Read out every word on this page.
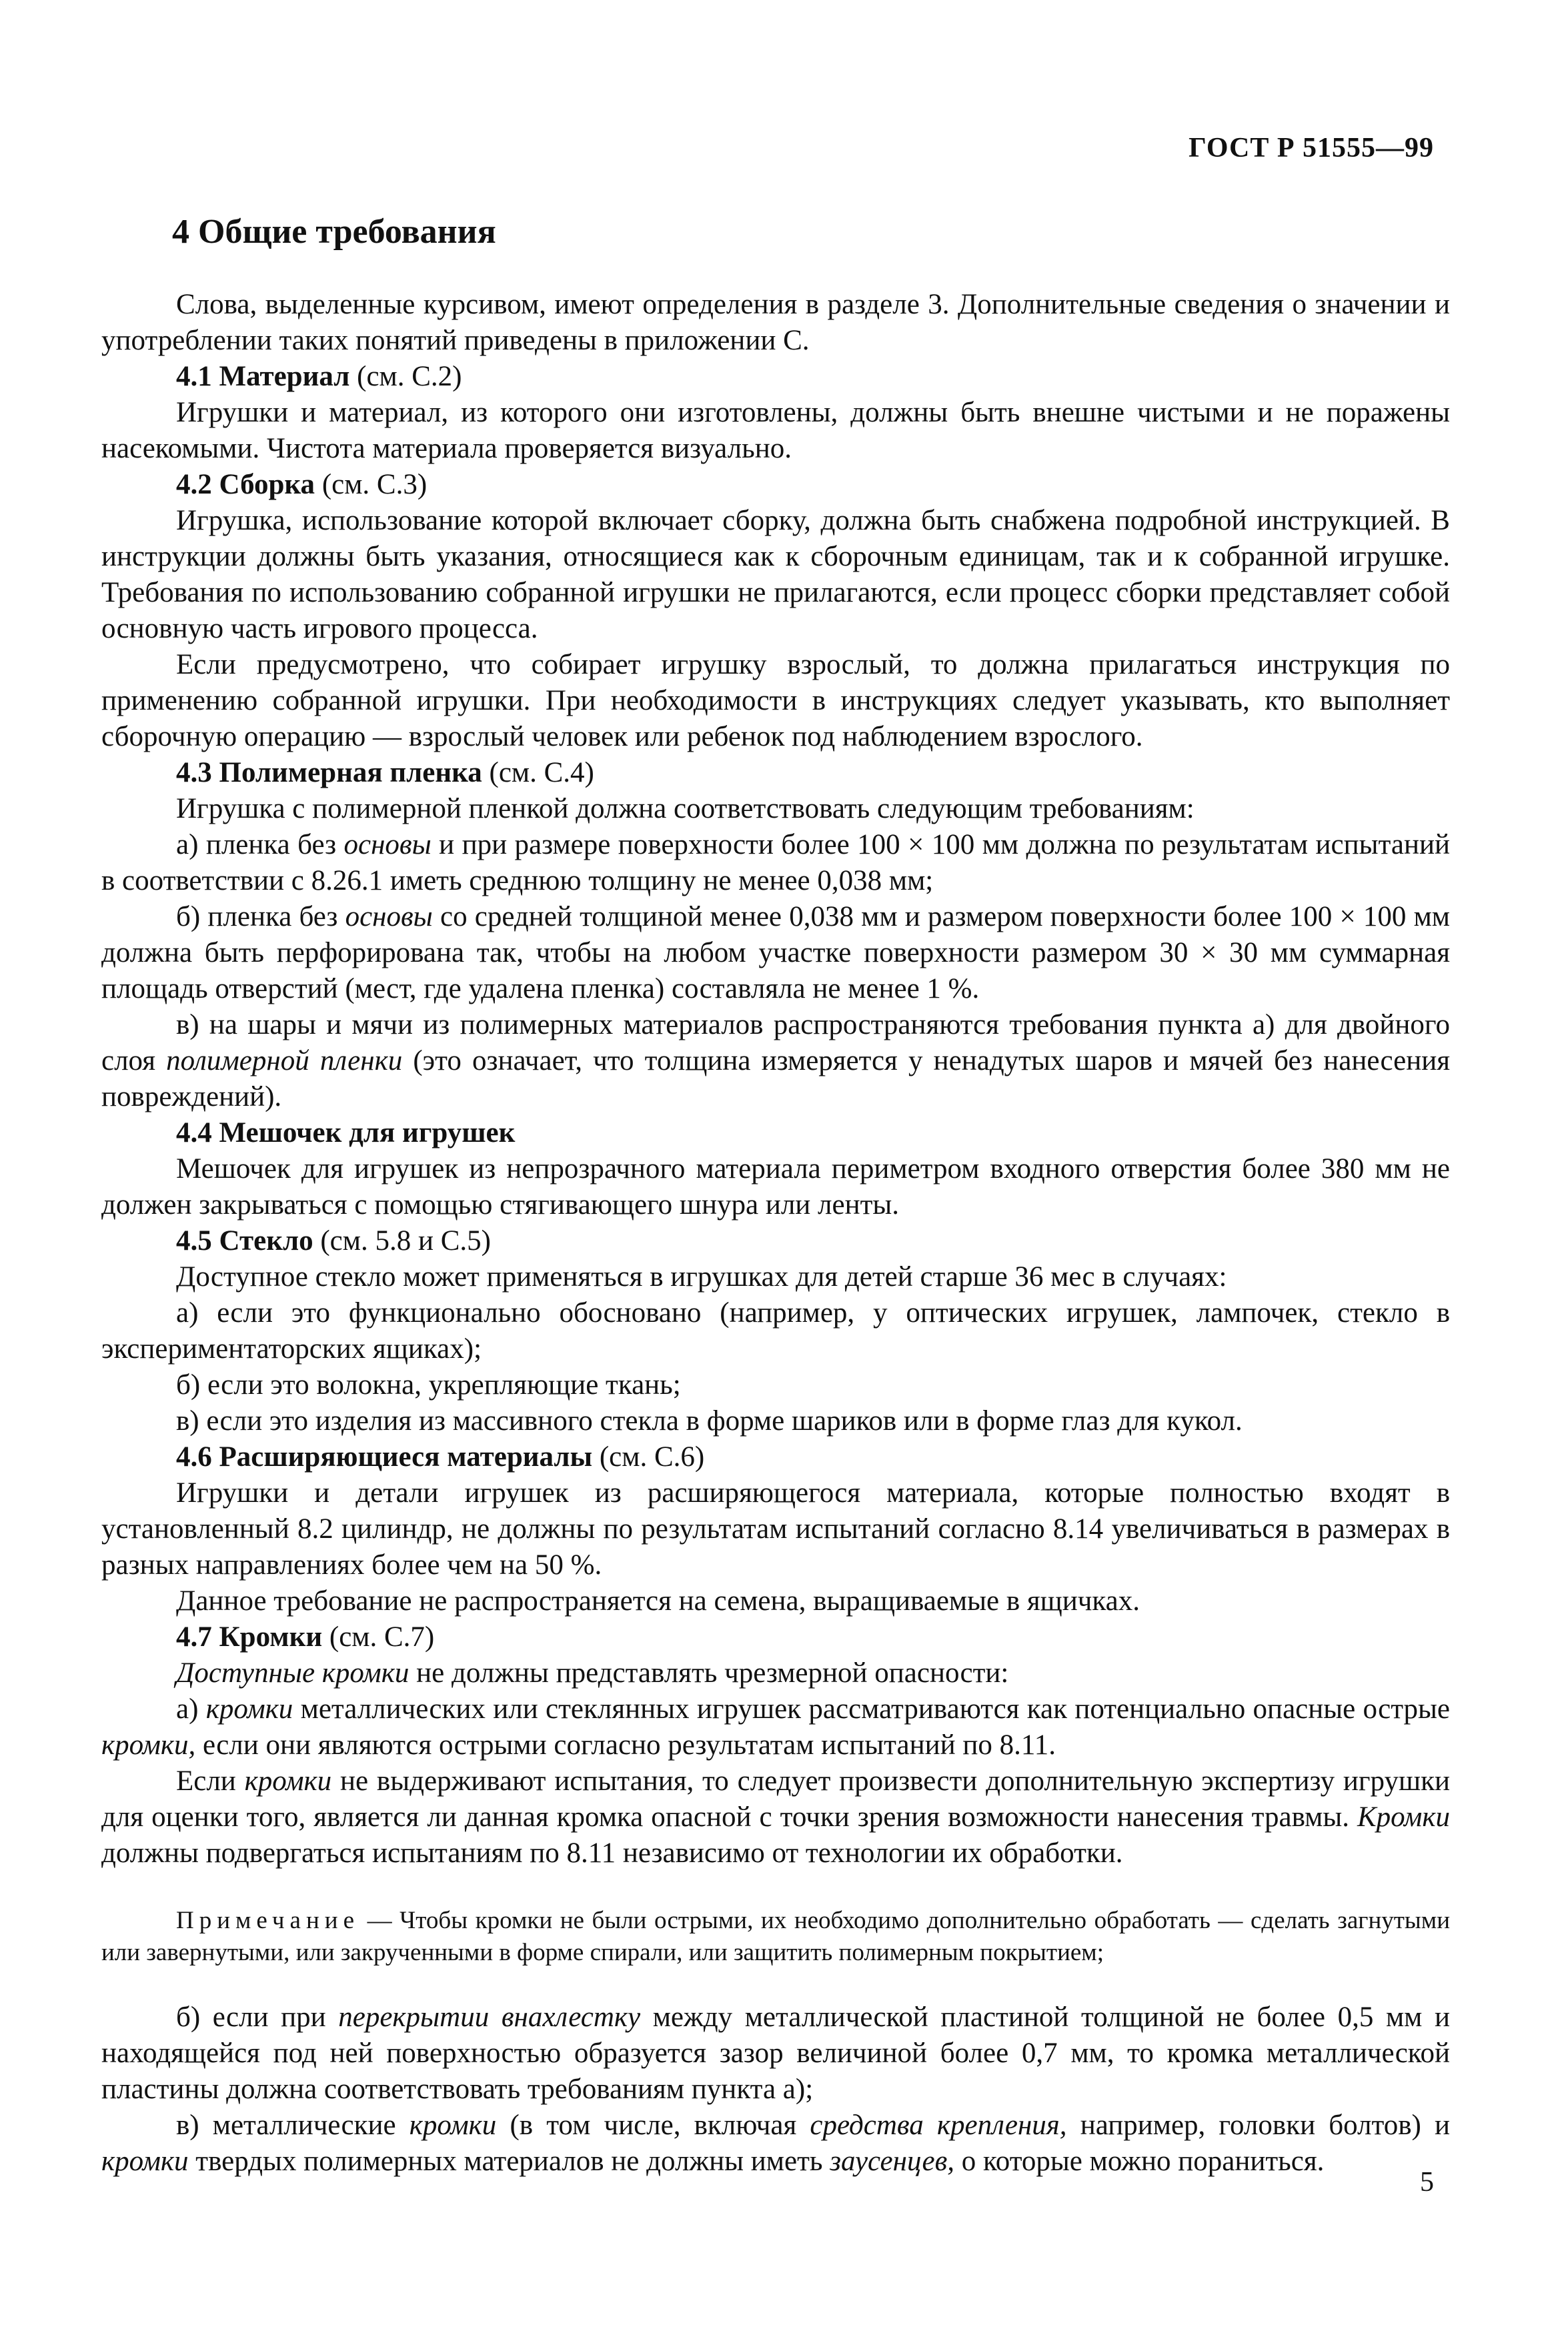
ГОСТ Р 51555—99
4 Общие требования

Слова, выделенные курсивом, имеют определения в разделе 3. Дополнительные сведения о значении и употреблении таких понятий приведены в приложении С.

4.1 Материал (см. С.2)

Игрушки и материал, из которого они изготовлены, должны быть внешне чистыми и не поражены насекомыми. Чистота материала проверяется визуально.

4.2 Сборка (см. С.3)

Игрушка, использование которой включает сборку, должна быть снабжена подробной инструкцией. В инструкции должны быть указания, относящиеся как к сборочным единицам, так и к собранной игрушке. Требования по использованию собранной игрушки не прилагаются, если процесс сборки представляет собой основную часть игрового процесса.

Если предусмотрено, что собирает игрушку взрослый, то должна прилагаться инструкция по применению собранной игрушки. При необходимости в инструкциях следует указывать, кто выполняет сборочную операцию — взрослый человек или ребенок под наблюдением взрослого.

4.3 Полимерная пленка (см. С.4)

Игрушка с полимерной пленкой должна соответствовать следующим требованиям:

а) пленка без основы и при размере поверхности более 100 × 100 мм должна по результатам испытаний в соответствии с 8.26.1 иметь среднюю толщину не менее 0,038 мм;

б) пленка без основы со средней толщиной менее 0,038 мм и размером поверхности более 100 × 100 мм должна быть перфорирована так, чтобы на любом участке поверхности размером 30 × 30 мм суммарная площадь отверстий (мест, где удалена пленка) составляла не менее 1 %.

в) на шары и мячи из полимерных материалов распространяются требования пункта а) для двойного слоя полимерной пленки (это означает, что толщина измеряется у ненадутых шаров и мячей без нанесения повреждений).

4.4 Мешочек для игрушек

Мешочек для игрушек из непрозрачного материала периметром входного отверстия более 380 мм не должен закрываться с помощью стягивающего шнура или ленты.

4.5 Стекло (см. 5.8 и С.5)

Доступное стекло может применяться в игрушках для детей старше 36 мес в случаях:

а) если это функционально обосновано (например, у оптических игрушек, лампочек, стекло в экспериментаторских ящиках);

б) если это волокна, укрепляющие ткань;

в) если это изделия из массивного стекла в форме шариков или в форме глаз для кукол.

4.6 Расширяющиеся материалы (см. С.6)

Игрушки и детали игрушек из расширяющегося материала, которые полностью входят в установленный 8.2 цилиндр, не должны по результатам испытаний согласно 8.14 увеличиваться в размерах в разных направлениях более чем на 50 %.

Данное требование не распространяется на семена, выращиваемые в ящичках.

4.7 Кромки (см. С.7)

Доступные кромки не должны представлять чрезмерной опасности:

а) кромки металлических или стеклянных игрушек рассматриваются как потенциально опасные острые кромки, если они являются острыми согласно результатам испытаний по 8.11.

Если кромки не выдерживают испытания, то следует произвести дополнительную экспертизу игрушки для оценки того, является ли данная кромка опасной с точки зрения возможности нанесения травмы. Кромки должны подвергаться испытаниям по 8.11 независимо от технологии их обработки.

Примечание — Чтобы кромки не были острыми, их необходимо дополнительно обработать — сделать загнутыми или завернутыми, или закрученными в форме спирали, или защитить полимерным покрытием;

б) если при перекрытии внахлестку между металлической пластиной толщиной не более 0,5 мм и находящейся под ней поверхностью образуется зазор величиной более 0,7 мм, то кромка металлической пластины должна соответствовать требованиям пункта а);

в) металлические кромки (в том числе, включая средства крепления, например, головки болтов) и кромки твердых полимерных материалов не должны иметь заусенцев, о которые можно пораниться.

5
